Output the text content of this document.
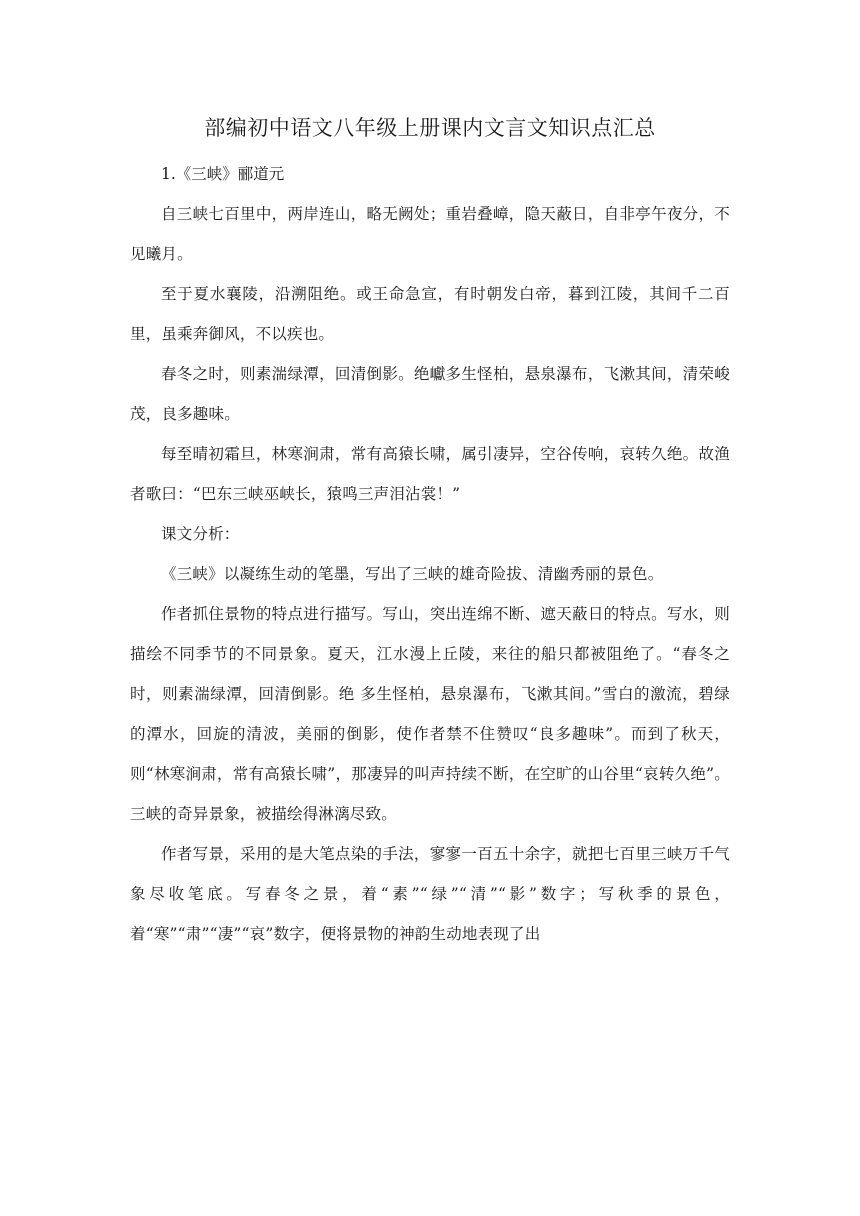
部编初中语文八年级上册课内文言文知识点汇总

1.《三峡》郦道元

自三峡七百里中，两岸连山，略无阙处；重岩叠嶂，隐天蔽日，自非亭午夜分，不见曦月。

至于夏水襄陵，沿溯阻绝。或王命急宣，有时朝发白帝，暮到江陵，其间千二百里，虽乘奔御风，不以疾也。

春冬之时，则素湍绿潭，回清倒影。绝巘多生怪柏，悬泉瀑布，飞漱其间，清荣峻茂，良多趣味。

每至晴初霜旦，林寒涧肃，常有高猿长啸，属引凄异，空谷传响，哀转久绝。故渔者歌曰：“巴东三峡巫峡长，猿鸣三声泪沾裳！”

课文分析：

《三峡》以凝练生动的笔墨，写出了三峡的雄奇险拔、清幽秀丽的景色。

作者抓住景物的特点进行描写。写山，突出连绵不断、遮天蔽日的特点。写水，则描绘不同季节的不同景象。夏天，江水漫上丘陵，来往的船只都被阻绝了。“春冬之时，则素湍绿潭，回清倒影。绝 多生怪柏，悬泉瀑布，飞漱其间。”雪白的激流，碧绿的潭水，回旋的清波，美丽的倒影，使作者禁不住赞叹“良多趣味”。而到了秋天，则“林寒涧肃，常有高猿长啸”，那凄异的叫声持续不断，在空旷的山谷里“哀转久绝”。三峡的奇异景象，被描绘得淋漓尽致。

作者写景，采用的是大笔点染的手法，寥寥一百五十余字，就把七百里三峡万千气象尽收笔底。写春冬之景，着“素”“绿”“清”“影”数字；写秋季的景色，着“寒”“肃”“凄”“哀”数字，便将景物的神韵生动地表现了出
